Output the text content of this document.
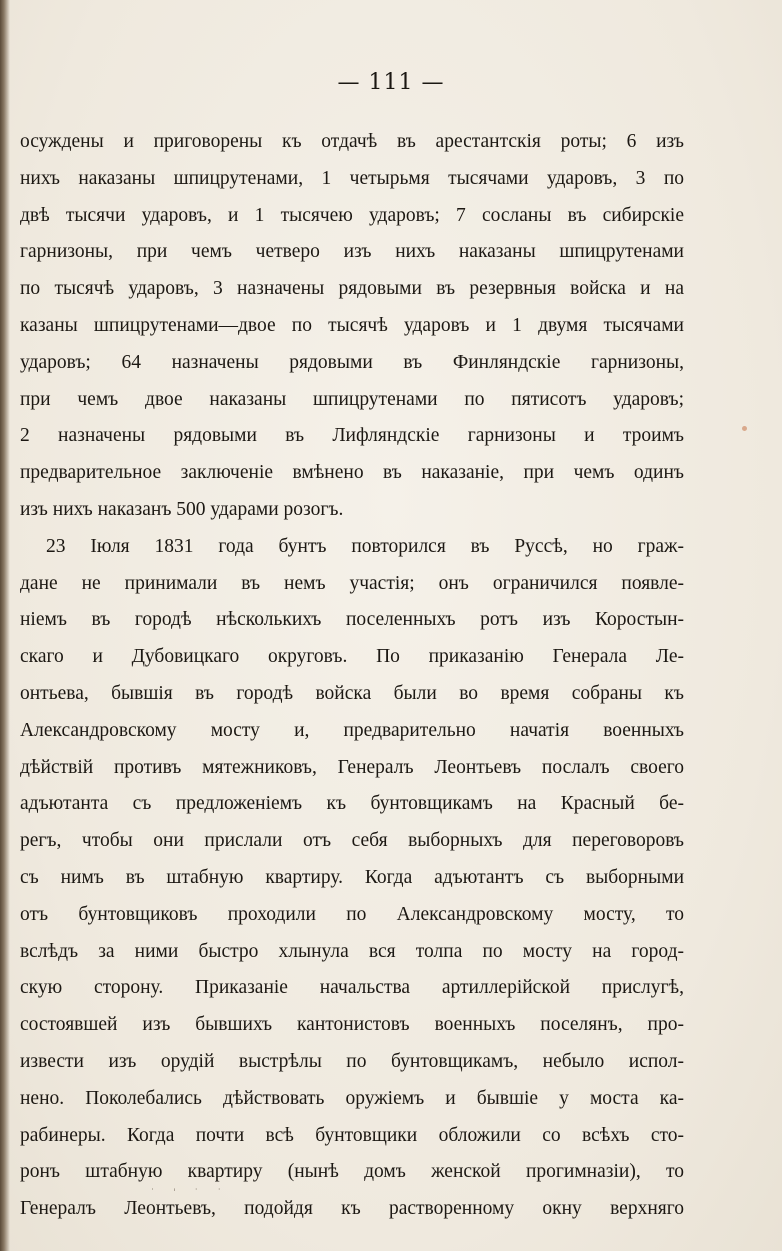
— 111 —
осуждены и приговорены къ отдачѣ въ арестантскія роты; 6 изъ
нихъ наказаны шпицрутенами, 1 четырьмя тысячами ударовъ, 3 по
двѣ тысячи ударовъ, и 1 тысячею ударовъ; 7 сосланы въ сибирскіе
гарнизоны, при чемъ четверо изъ нихъ наказаны шпицрутенами
по тысячѣ ударовъ, 3 назначены рядовыми въ резервныя войска и на
казаны шпицрутенами—двое по тысячѣ ударовъ и 1 двумя тысячами
ударовъ; 64 назначены рядовыми въ Финляндскіе гарнизоны,
при чемъ двое наказаны шпицрутенами по пятисотъ ударовъ;
2 назначены рядовыми въ Лифляндскіе гарнизоны и троимъ
предварительное заключеніе вмѣнено въ наказаніе, при чемъ одинъ
изъ нихъ наказанъ 500 ударами розогъ.
23 Іюля 1831 года бунтъ повторился въ Руссѣ, но граж-
дане не принимали въ немъ участія; онъ ограничился появле-
ніемъ въ городѣ нѣсколькихъ поселенныхъ ротъ изъ Коростын-
скаго и Дубовицкаго округовъ. По приказанію Генерала Ле-
онтьева, бывшія въ городѣ войска были во время собраны къ
Александровскому мосту и, предварительно начатія военныхъ
дѣйствій противъ мятежниковъ, Генералъ Леонтьевъ послалъ своего
адъютанта съ предложеніемъ къ бунтовщикамъ на Красный бе-
регъ, чтобы они прислали отъ себя выборныхъ для переговоровъ
съ нимъ въ штабную квартиру. Когда адъютантъ съ выборными
отъ бунтовщиковъ проходили по Александровскому мосту, то
вслѣдъ за ними быстро хлынула вся толпа по мосту на город-
скую сторону. Приказаніе начальства артиллерійской прислугѣ,
состоявшей изъ бывшихъ кантонистовъ военныхъ поселянъ, про-
извести изъ орудій выстрѣлы по бунтовщикамъ, небыло испол-
нено. Поколебались дѣйствовать оружіемъ и бывшіе у моста ка-
рабинеры. Когда почти всѣ бунтовщики обложили со всѣхъ сто-
ронъ штабную квартиру (нынѣ домъ женской прогимназіи), то
Генералъ Леонтьевъ, подойдя къ растворенному окну верхняго
˙ˈ˙˙
